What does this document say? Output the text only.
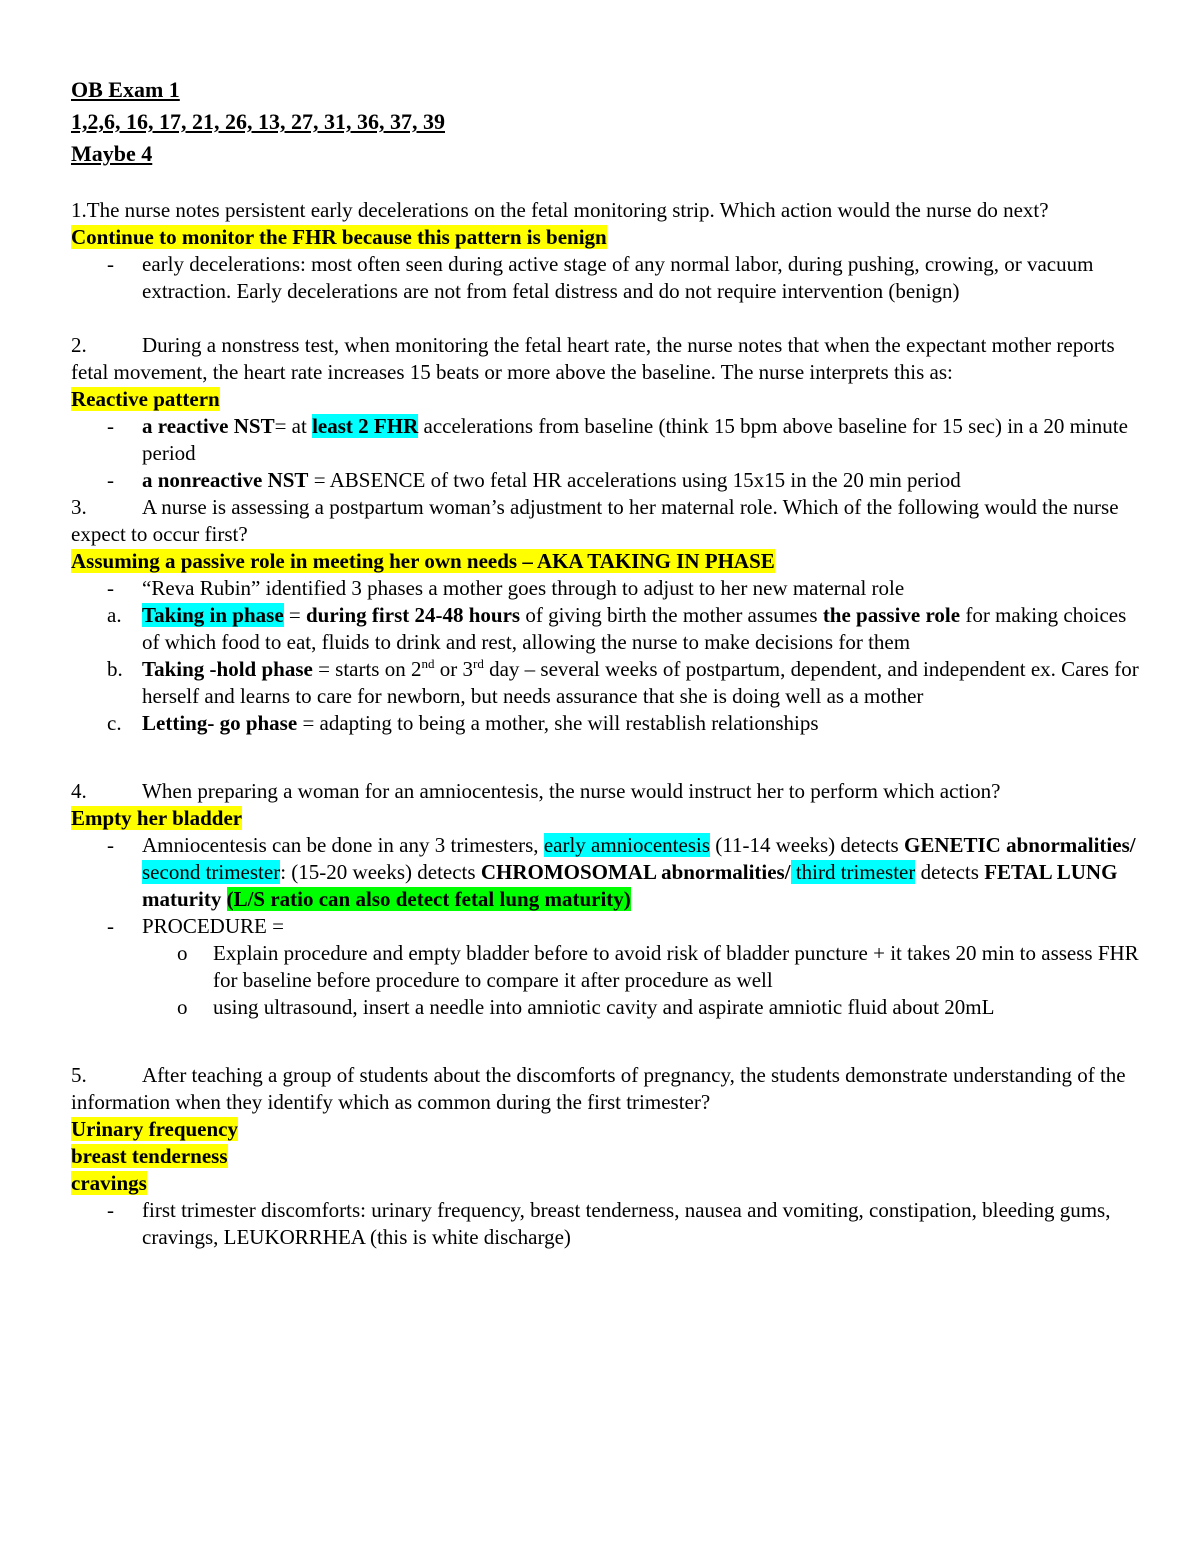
OB Exam 1
1,2,6, 16, 17, 21, 26, 13, 27, 31, 36, 37, 39
Maybe 4

1.The nurse notes persistent early decelerations on the fetal monitoring strip. Which action would the nurse do next?

Continue to monitor the FHR because this pattern is benign

- early decelerations: most often seen during active stage of any normal labor, during pushing, crowing, or vacuum extraction. Early decelerations are not from fetal distress and do not require intervention (benign)

2.	During a nonstress test, when monitoring the fetal heart rate, the nurse notes that when the expectant mother reports fetal movement, the heart rate increases 15 beats or more above the baseline. The nurse interprets this as:

Reactive pattern

- a reactive NST= at least 2 FHR accelerations from baseline (think 15 bpm above baseline for 15 sec) in a 20 minute period
- a nonreactive NST = ABSENCE of two fetal HR accelerations using 15x15 in the 20 min period

3.	A nurse is assessing a postpartum woman’s adjustment to her maternal role. Which of the following would the nurse expect to occur first?

Assuming a passive role in meeting her own needs – AKA TAKING IN PHASE

- “Reva Rubin” identified 3 phases a mother goes through to adjust to her new maternal role
a. Taking in phase = during first 24-48 hours of giving birth the mother assumes the passive role for making choices of which food to eat, fluids to drink and rest, allowing the nurse to make decisions for them
b. Taking -hold phase = starts on 2nd or 3rd day – several weeks of postpartum, dependent, and independent ex. Cares for herself and learns to care for newborn, but needs assurance that she is doing well as a mother
c. Letting- go phase = adapting to being a mother, she will restablish relationships

4.	When preparing a woman for an amniocentesis, the nurse would instruct her to perform which action?

Empty her bladder

- Amniocentesis can be done in any 3 trimesters, early amniocentesis (11-14 weeks) detects GENETIC abnormalities/ second trimester: (15-20 weeks) detects CHROMOSOMAL abnormalities/ third trimester detects FETAL LUNG maturity (L/S ratio can also detect fetal lung maturity)
- PROCEDURE =
o Explain procedure and empty bladder before to avoid risk of bladder puncture + it takes 20 min to assess FHR for baseline before procedure to compare it after procedure as well
o using ultrasound, insert a needle into amniotic cavity and aspirate amniotic fluid about 20mL

5.	After teaching a group of students about the discomforts of pregnancy, the students demonstrate understanding of the information when they identify which as common during the first trimester?

Urinary frequency

breast tenderness

cravings

- first trimester discomforts: urinary frequency, breast tenderness, nausea and vomiting, constipation, bleeding gums, cravings, LEUKORRHEA (this is white discharge)
